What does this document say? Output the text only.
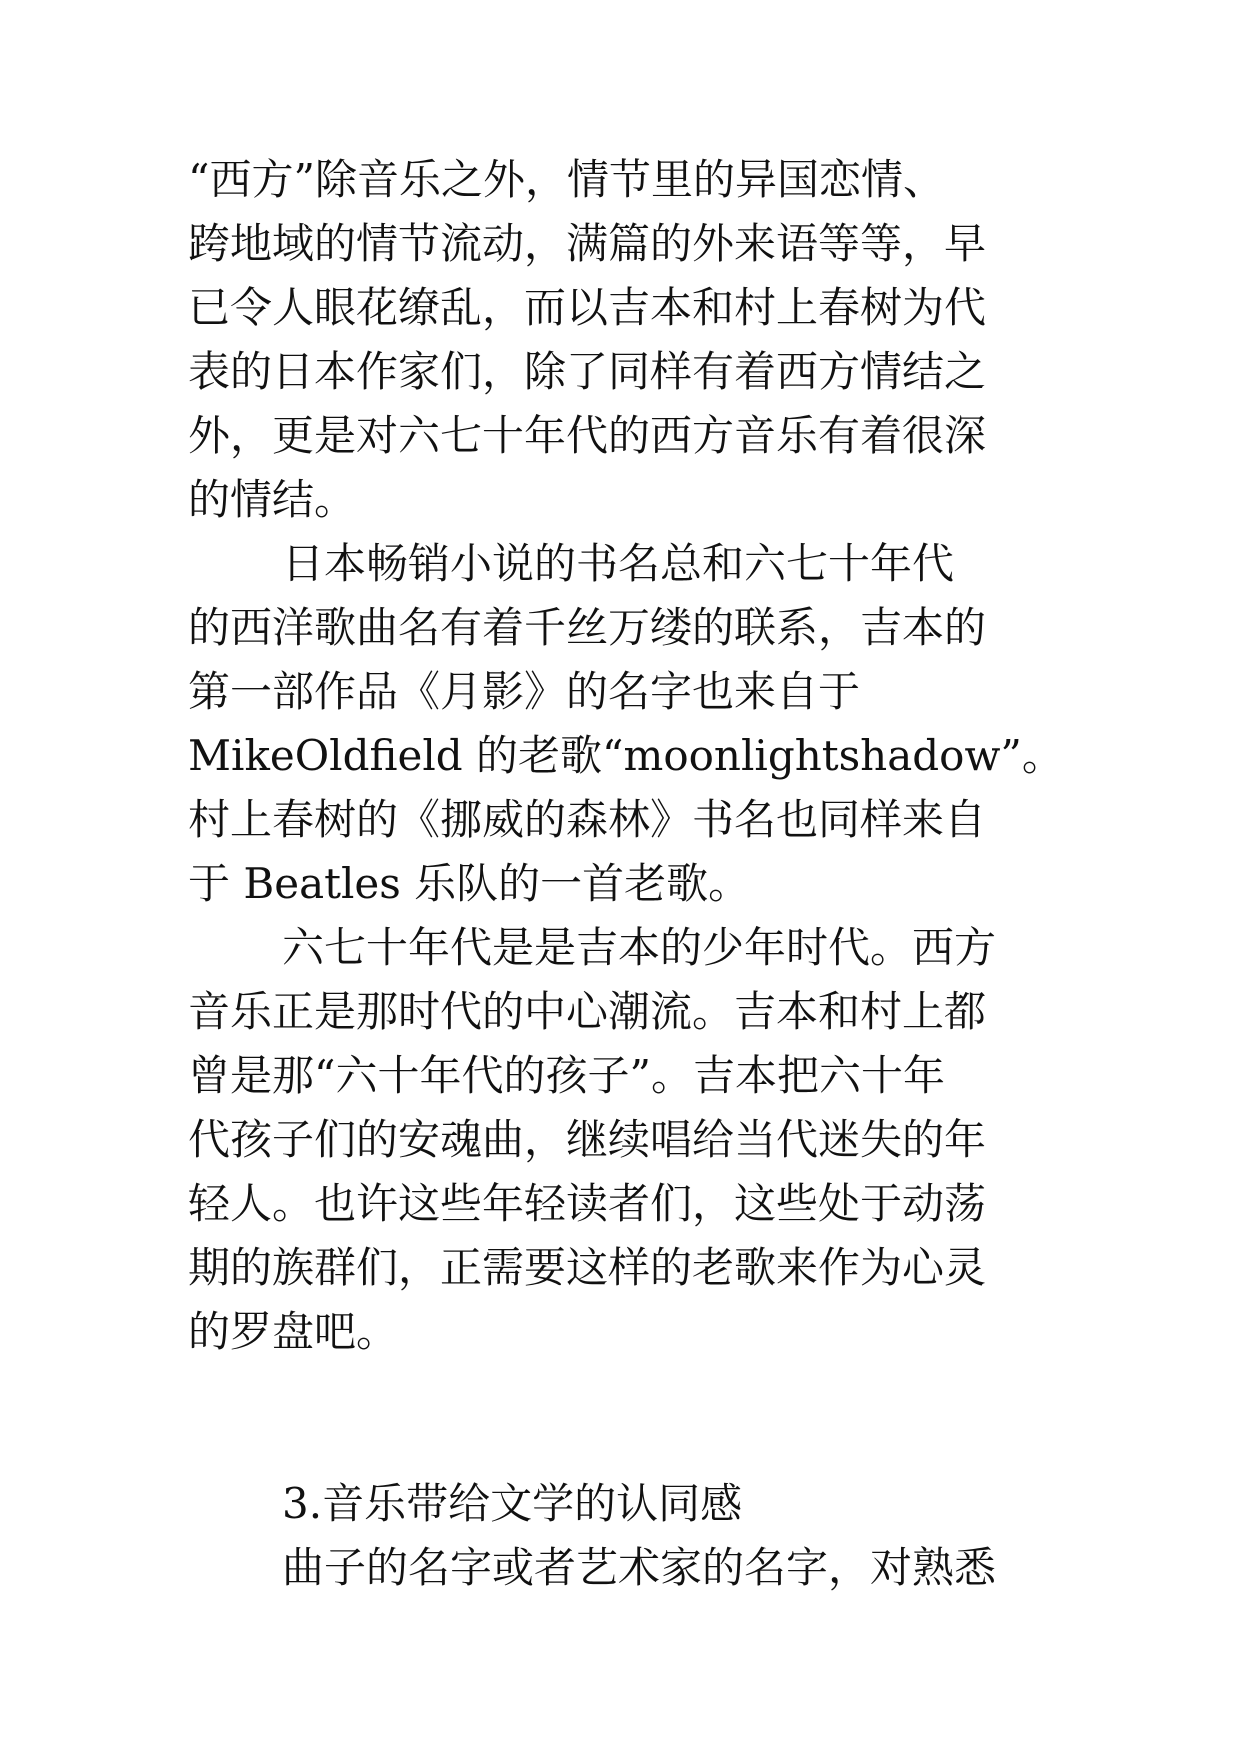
“西方”除音乐之外，情节里的异国恋情、
跨地域的情节流动，满篇的外来语等等，早
已令人眼花缭乱，而以吉本和村上春树为代
表的日本作家们，除了同样有着西方情结之
外，更是对六七十年代的西方音乐有着很深
的情结。
日本畅销小说的书名总和六七十年代
的西洋歌曲名有着千丝万缕的联系，吉本的
第一部作品《月影》的名字也来自于
MikeOldfield 的老歌“moonlightshadow”。
村上春树的《挪威的森林》书名也同样来自
于 Beatles 乐队的一首老歌。
六七十年代是是吉本的少年时代。西方
音乐正是那时代的中心潮流。吉本和村上都
曾是那“六十年代的孩子”。吉本把六十年
代孩子们的安魂曲，继续唱给当代迷失的年
轻人。也许这些年轻读者们，这些处于动荡
期的族群们，正需要这样的老歌来作为心灵
的罗盘吧。
3.音乐带给文学的认同感
曲子的名字或者艺术家的名字，对熟悉
